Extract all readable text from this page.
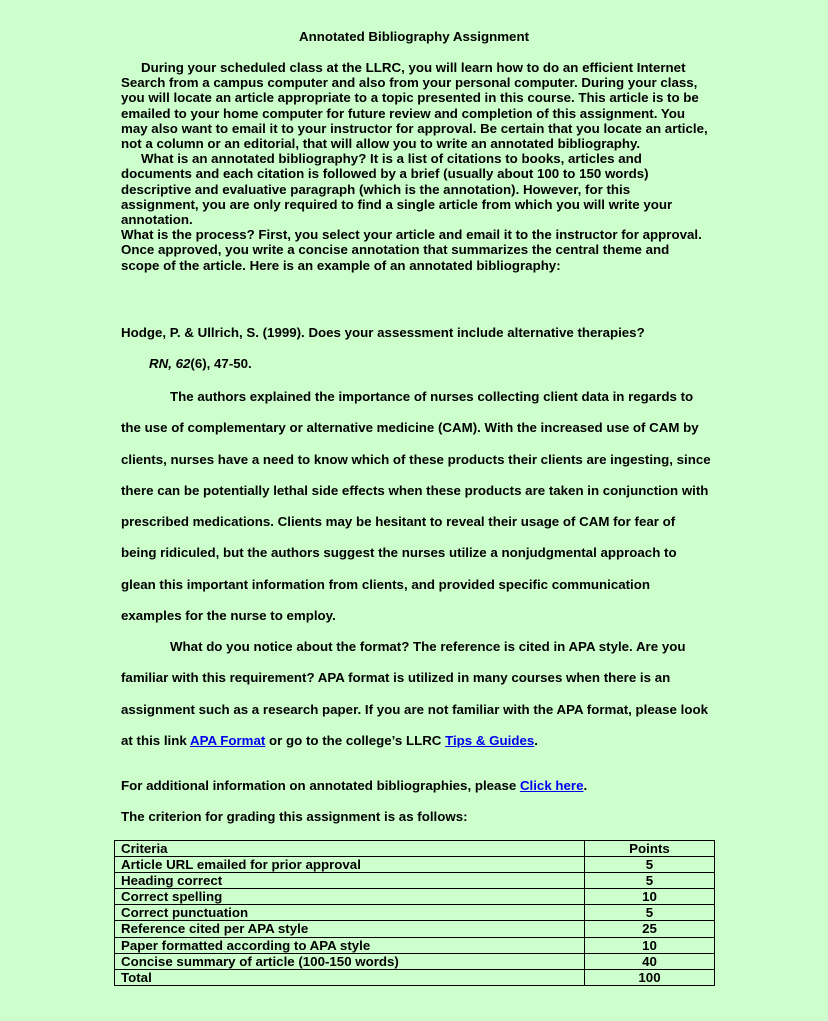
Annotated Bibliography Assignment

During your scheduled class at the LLRC, you will learn how to do an efficient Internet Search from a campus computer and also from your personal computer. During your class, you will locate an article appropriate to a topic presented in this course. This article is to be emailed to your home computer for future review and completion of this assignment. You may also want to email it to your instructor for approval. Be certain that you locate an article, not a column or an editorial, that will allow you to write an annotated bibliography.

What is an annotated bibliography? It is a list of citations to books, articles and documents and each citation is followed by a brief (usually about 100 to 150 words) descriptive and evaluative paragraph (which is the annotation). However, for this assignment, you are only required to find a single article from which you will write your annotation.

What is the process? First, you select your article and email it to the instructor for approval. Once approved, you write a concise annotation that summarizes the central theme and scope of the article. Here is an example of an annotated bibliography:

Hodge, P. & Ullrich, S. (1999). Does your assessment include alternative therapies?
RN, 62(6), 47-50.

The authors explained the importance of nurses collecting client data in regards to the use of complementary or alternative medicine (CAM). With the increased use of CAM by clients, nurses have a need to know which of these products their clients are ingesting, since there can be potentially lethal side effects when these products are taken in conjunction with prescribed medications. Clients may be hesitant to reveal their usage of CAM for fear of being ridiculed, but the authors suggest the nurses utilize a nonjudgmental approach to glean this important information from clients, and provided specific communication examples for the nurse to employ.

What do you notice about the format? The reference is cited in APA style. Are you familiar with this requirement? APA format is utilized in many courses when there is an assignment such as a research paper. If you are not familiar with the APA format, please look at this link APA Format or go to the college’s LLRC Tips & Guides.

For additional information on annotated bibliographies, please Click here.
The criterion for grading this assignment is as follows:
Criteria	Points
Article URL emailed for prior approval	5
Heading correct	5
Correct spelling	10
Correct punctuation	5
Reference cited per APA style	25
Paper formatted according to APA style	10
Concise summary of article (100-150 words)	40
Total	100
